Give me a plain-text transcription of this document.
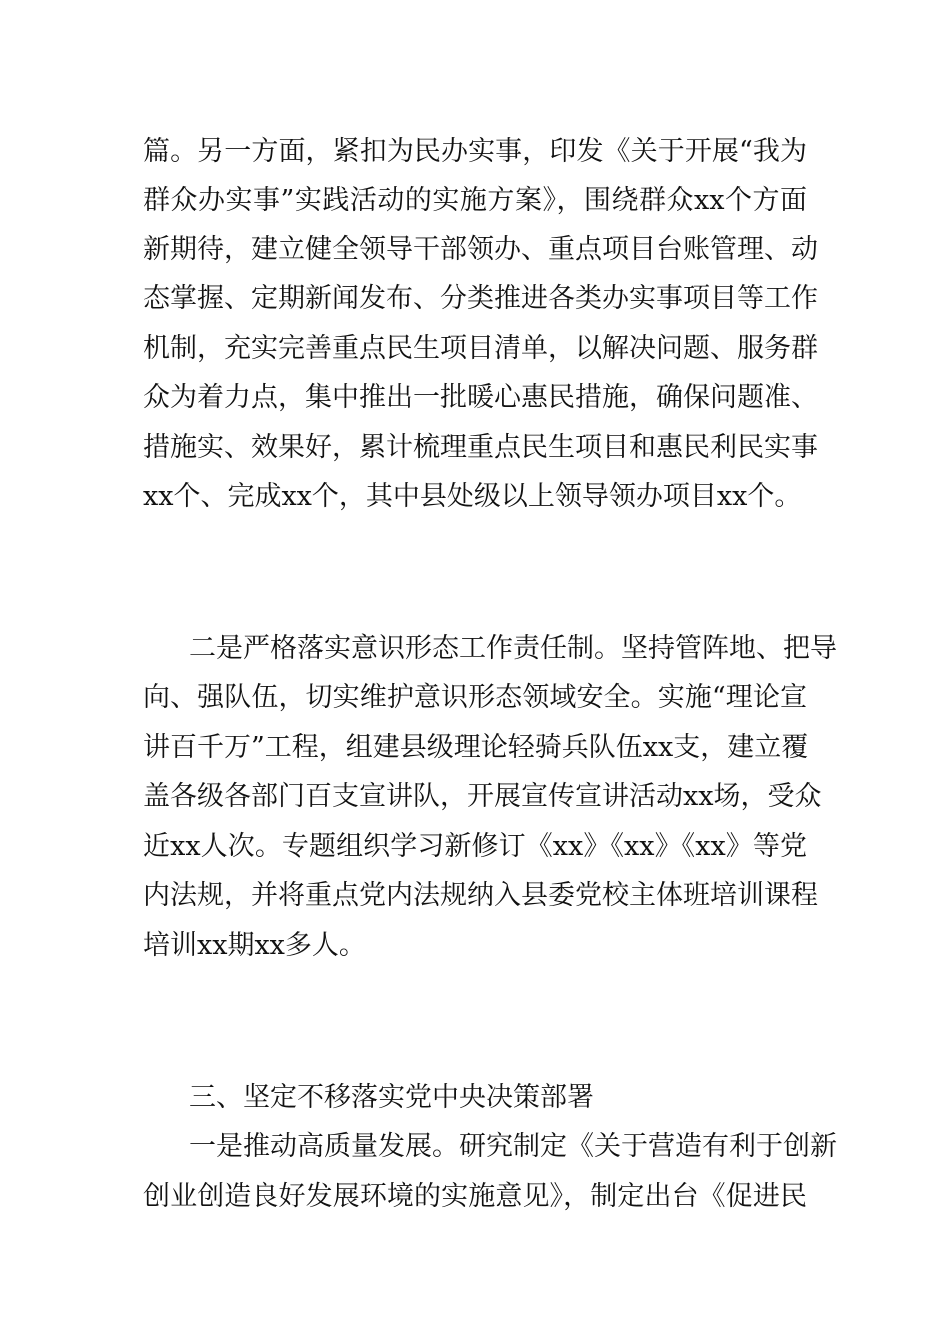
篇。另一方面，紧扣为民办实事，印发《关于开展“我为
群众办实事”实践活动的实施方案》，围绕群众xx个方面
新期待，建立健全领导干部领办、重点项目台账管理、动
态掌握、定期新闻发布、分类推进各类办实事项目等工作
机制，充实完善重点民生项目清单，以解决问题、服务群
众为着力点，集中推出一批暖心惠民措施，确保问题准、
措施实、效果好，累计梳理重点民生项目和惠民利民实事
xx个、完成xx个，其中县处级以上领导领办项目xx个。
二是严格落实意识形态工作责任制。坚持管阵地、把导
向、强队伍，切实维护意识形态领域安全。实施“理论宣
讲百千万”工程，组建县级理论轻骑兵队伍xx支，建立覆
盖各级各部门百支宣讲队，开展宣传宣讲活动xx场，受众
近xx人次。专题组织学习新修订《xx》《xx》《xx》等党
内法规，并将重点党内法规纳入县委党校主体班培训课程
培训xx期xx多人。
三、坚定不移落实党中央决策部署
一是推动高质量发展。研究制定《关于营造有利于创新
创业创造良好发展环境的实施意见》，制定出台《促进民
